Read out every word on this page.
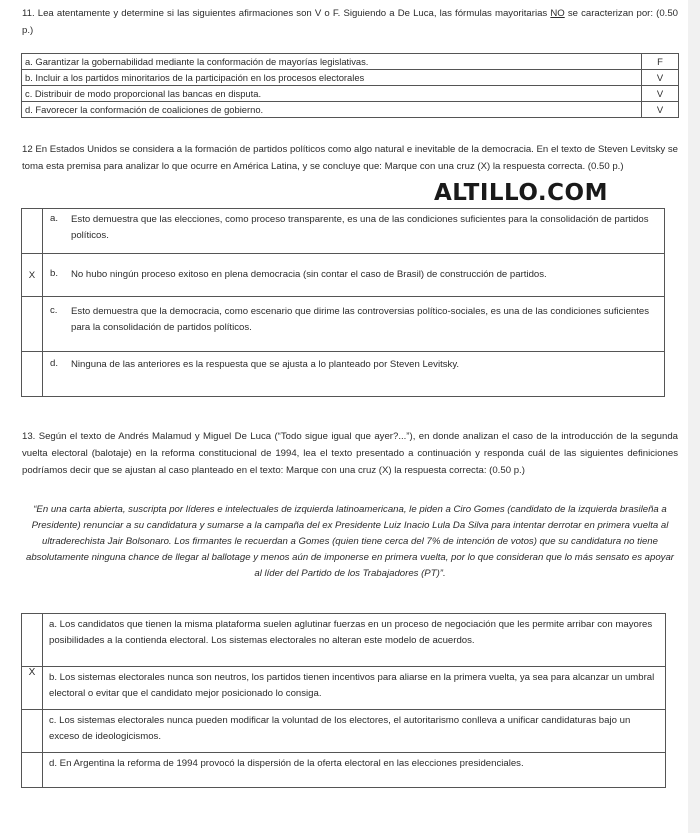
11. Lea atentamente y determine si las siguientes afirmaciones son V o F. Siguiendo a De Luca, las fórmulas mayoritarias NO se caracterizan por: (0.50 p.)
a. Garantizar la gobernabilidad mediante la conformación de mayorías legislativas.	F
b. Incluir a los partidos minoritarios de la participación en los procesos electorales	V
c. Distribuir de modo proporcional las bancas en disputa.	V
d. Favorecer la conformación de coaliciones de gobierno.	V
12 En Estados Unidos se considera a la formación de partidos políticos como algo natural e inevitable de la democracia. En el texto de Steven Levitsky se toma esta premisa para analizar lo que ocurre en América Latina, y se concluye que: Marque con una cruz (X) la respuesta correcta. (0.50 p.)
ALTILLO.COM

	a. Esto demuestra que las elecciones, como proceso transparente, es una de las condiciones suficientes para la consolidación de partidos políticos.

X	b. No hubo ningún proceso exitoso en plena democracia (sin contar el caso de Brasil) de construcción de partidos.

	c. Esto demuestra que la democracia, como escenario que dirime las controversias político-sociales, es una de las condiciones suficientes para la consolidación de partidos políticos.

	d. Ninguna de las anteriores es la respuesta que se ajusta a lo planteado por Steven Levitsky.
13. Según el texto de Andrés Malamud y Miguel De Luca (“Todo sigue igual que ayer?...”), en donde analizan el caso de la introducción de la segunda vuelta electoral (balotaje) en la reforma constitucional de 1994, lea el texto presentado a continuación y responda cuál de las siguientes definiciones podríamos decir que se ajustan al caso planteado en el texto: Marque con una cruz (X) la respuesta correcta: (0.50 p.)
“En una carta abierta, suscripta por líderes e intelectuales de izquierda latinoamericana, le piden a Ciro Gomes (candidato de la izquierda brasileña a Presidente) renunciar a su candidatura y sumarse a la campaña del ex Presidente Luiz Inacio Lula Da Silva para intentar derrotar en primera vuelta al ultraderechista Jair Bolsonaro. Los firmantes le recuerdan a Gomes (quien tiene cerca del 7% de intención de votos) que su candidatura no tiene absolutamente ninguna chance de llegar al ballotage y menos aún de imponerse en primera vuelta, por lo que consideran que lo más sensato es apoyar al líder del Partido de los Trabajadores (PT)”.
	a. Los candidatos que tienen la misma plataforma suelen aglutinar fuerzas en un proceso de negociación que les permite arribar con mayores posibilidades a la contienda electoral. Los sistemas electorales no alteran este modelo de acuerdos.
X	b. Los sistemas electorales nunca son neutros, los partidos tienen incentivos para aliarse en la primera vuelta, ya sea para alcanzar un umbral electoral o evitar que el candidato mejor posicionado lo consiga.
	c. Los sistemas electorales nunca pueden modificar la voluntad de los electores, el autoritarismo conlleva a unificar candidaturas bajo un exceso de ideologicismos.
	d. En Argentina la reforma de 1994 provocó la dispersión de la oferta electoral en las elecciones presidenciales.
